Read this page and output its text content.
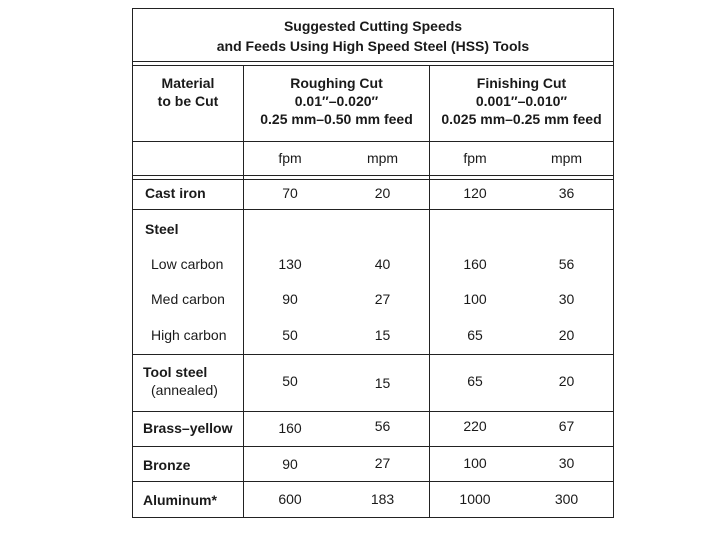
Suggested Cutting Speeds
and Feeds Using High Speed Steel (HSS) Tools
Material
to be Cut
Roughing Cut
0.01″–0.020″
0.25 mm–0.50 mm feed
Finishing Cut
0.001″–0.010″
0.025 mm–0.25 mm feed
fpm	mpm	fpm	mpm
Cast iron	70	20	120	36
Steel
Low carbon	130	40	160	56
Med carbon	90	27	100	30
High carbon	50	15	65	20
Tool steel
(annealed)
50	15	65	20
Brass–yellow	160	56	220	67
Bronze	90	27	100	30
Aluminum*	600	183	1000	300
